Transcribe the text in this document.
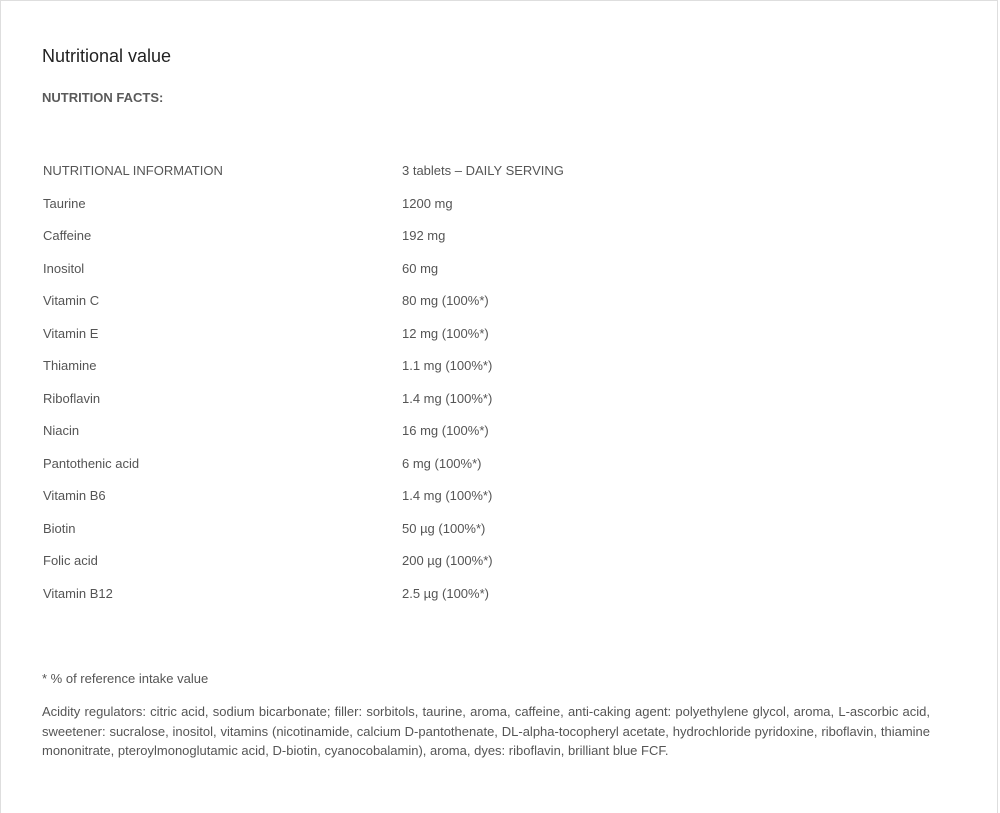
Nutritional value
NUTRITION FACTS:
NUTRITIONAL INFORMATION	3 tablets – DAILY SERVING
Taurine	1200 mg
Caffeine	192 mg
Inositol	60 mg
Vitamin C	80 mg (100%*)
Vitamin E	12 mg (100%*)
Thiamine	1.1 mg (100%*)
Riboflavin	1.4 mg (100%*)
Niacin	16 mg (100%*)
Pantothenic acid	6 mg (100%*)
Vitamin B6	1.4 mg (100%*)
Biotin	50 µg (100%*)
Folic acid	200 µg (100%*)
Vitamin B12	2.5 µg (100%*)

* % of reference intake value

Acidity regulators: citric acid, sodium bicarbonate; filler: sorbitols, taurine, aroma, caffeine, anti-caking agent: polyethylene glycol, aroma, L-ascorbic acid, sweetener: sucralose, inositol, vitamins (nicotinamide, calcium D-pantothenate, DL-alpha-tocopheryl acetate, hydrochloride pyridoxine, riboflavin, thiamine mononitrate, pteroylmonoglutamic acid, D-biotin, cyanocobalamin), aroma, dyes: riboflavin, brilliant blue FCF.
